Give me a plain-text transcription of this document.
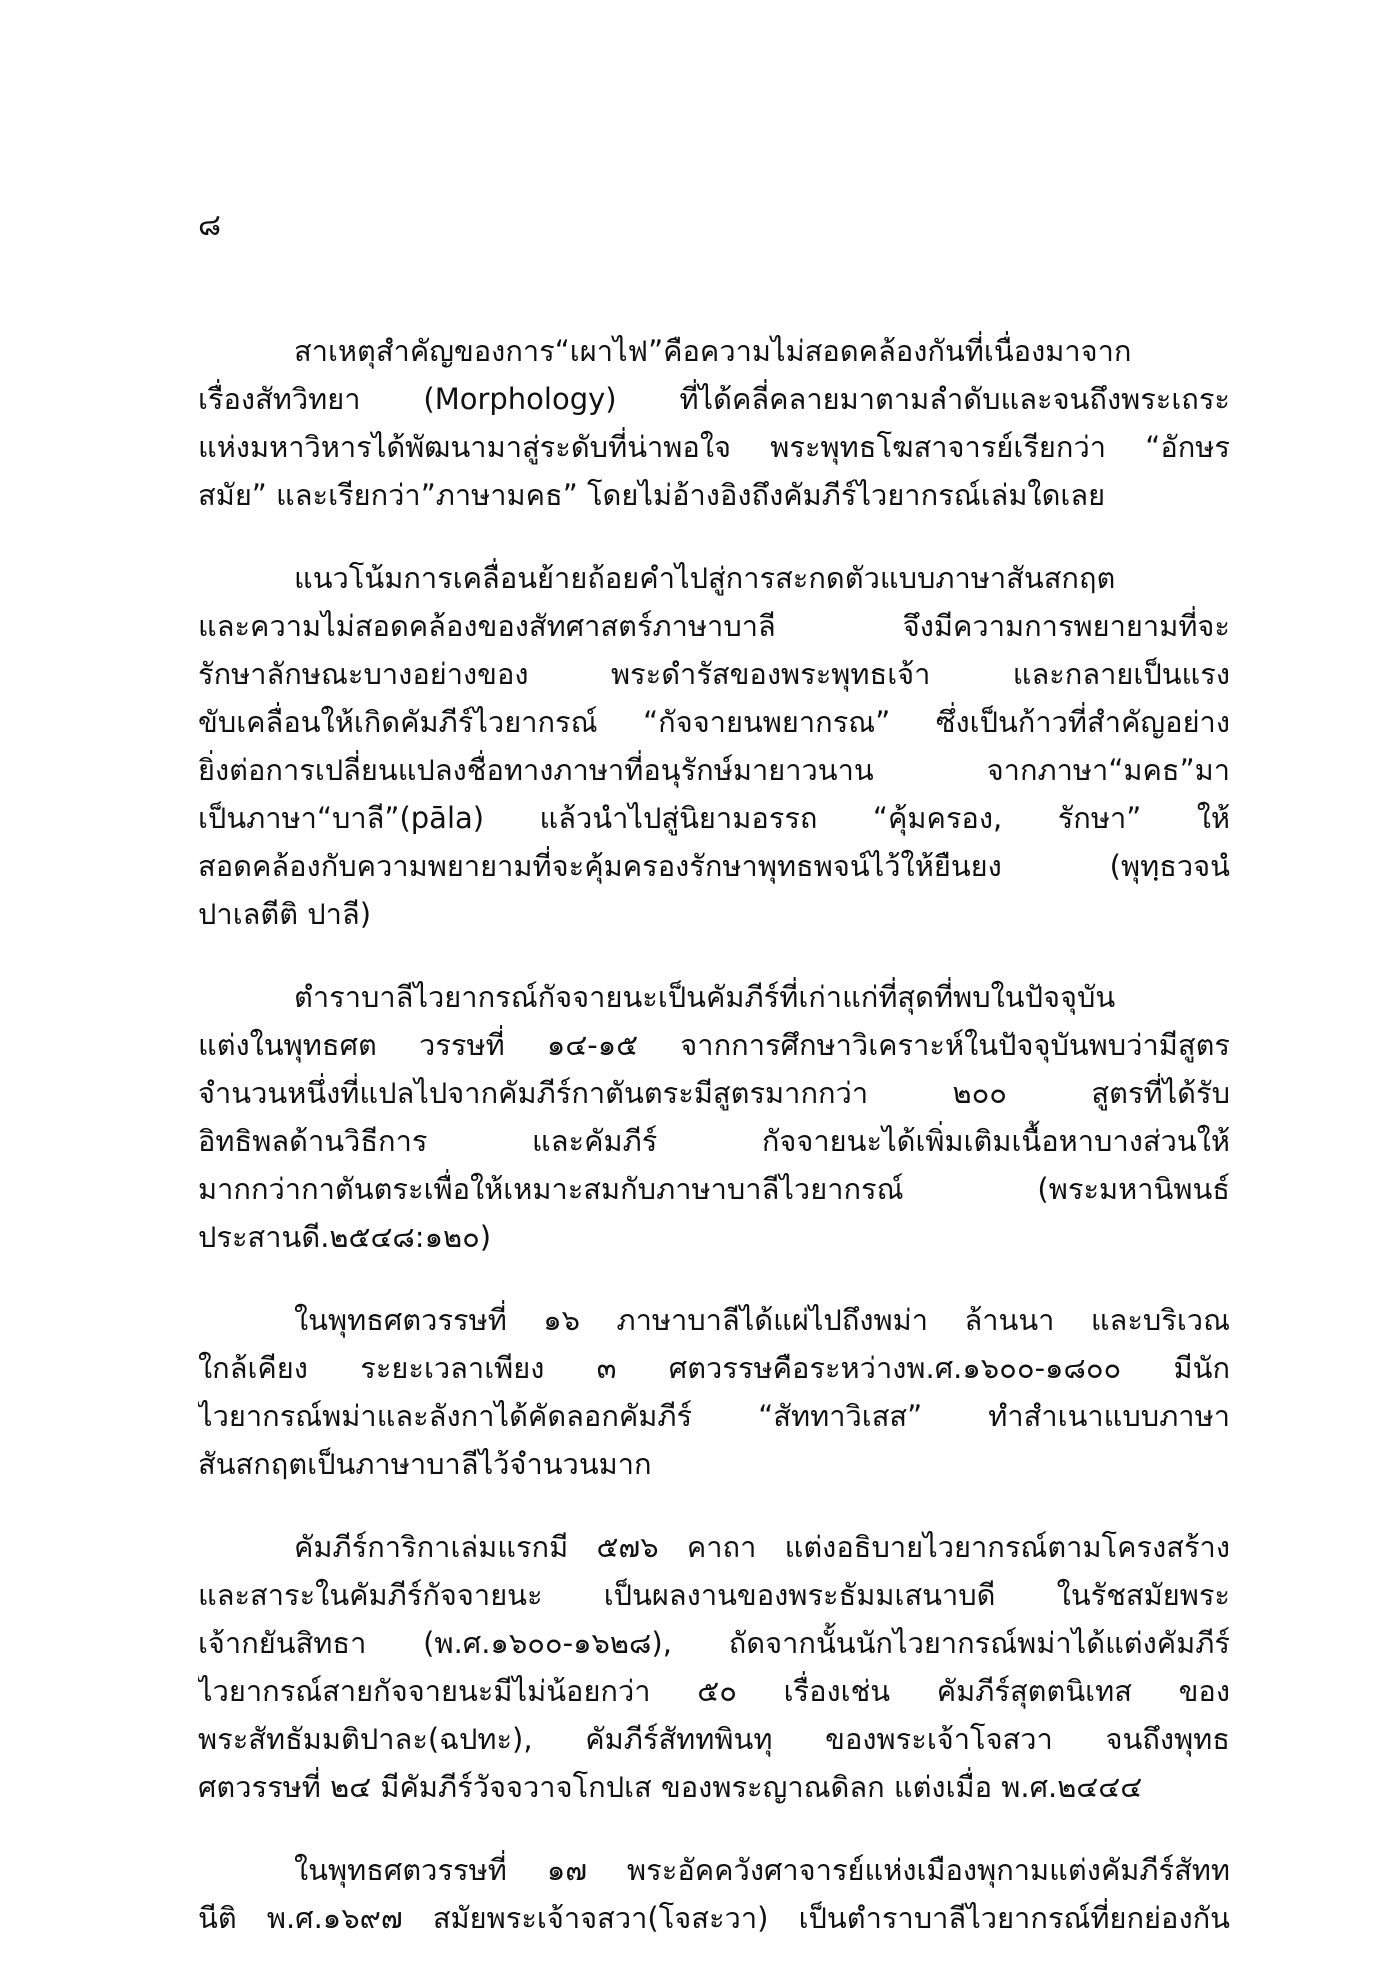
๘
สาเหตุสำคัญของการ“เผาไฟ”คือความไม่สอดคล้องกันที่เนื่องมาจาก
เรื่องสัทวิทยา (Morphology) ที่ได้คลี่คลายมาตามลำดับและจนถึงพระเถระ
แห่งมหาวิหารได้พัฒนามาสู่ระดับที่น่าพอใจ พระพุทธโฆสาจารย์เรียกว่า “อักษร
สมัย” และเรียกว่า”ภาษามคธ” โดยไม่อ้างอิงถึงคัมภีร์ไวยากรณ์เล่มใดเลย
แนวโน้มการเคลื่อนย้ายถ้อยคำไปสู่การสะกดตัวแบบภาษาสันสกฤต
และความไม่สอดคล้องของสัทศาสตร์ภาษาบาลี จึงมีความการพยายามที่จะ
รักษาลักษณะบางอย่างของ พระดำรัสของพระพุทธเจ้า และกลายเป็นแรง
ขับเคลื่อนให้เกิดคัมภีร์ไวยากรณ์ “กัจจายนพยากรณ” ซึ่งเป็นก้าวที่สำคัญอย่าง
ยิ่งต่อการเปลี่ยนแปลงชื่อทางภาษาที่อนุรักษ์มายาวนาน จากภาษา“มคธ”มา
เป็นภาษา“บาลี”(pāla) แล้วนำไปสู่นิยามอรรถ “คุ้มครอง, รักษา” ให้
สอดคล้องกับความพยายามที่จะคุ้มครองรักษาพุทธพจน์ไว้ให้ยืนยง (พุทฺธวจนํ
ปาเลตีติ ปาลี)
ตำราบาลีไวยากรณ์กัจจายนะเป็นคัมภีร์ที่เก่าแก่ที่สุดที่พบในปัจจุบัน
แต่งในพุทธศต วรรษที่ ๑๔-๑๕ จากการศึกษาวิเคราะห์ในปัจจุบันพบว่ามีสูตร
จำนวนหนึ่งที่แปลไปจากคัมภีร์กาตันตระมีสูตรมากกว่า ๒๐๐ สูตรที่ได้รับ
อิทธิพลด้านวิธีการ และคัมภีร์ กัจจายนะได้เพิ่มเติมเนื้อหาบางส่วนให้
มากกว่ากาตันตระเพื่อให้เหมาะสมกับภาษาบาลีไวยากรณ์ (พระมหานิพนธ์
ประสานดี.๒๕๔๘:๑๒๐)
ในพุทธศตวรรษที่ ๑๖ ภาษาบาลีได้แผ่ไปถึงพม่า ล้านนา และบริเวณ
ใกล้เคียง ระยะเวลาเพียง ๓ ศตวรรษคือระหว่างพ.ศ.๑๖๐๐-๑๘๐๐ มีนัก
ไวยากรณ์พม่าและลังกาได้คัดลอกคัมภีร์ “สัททาวิเสส” ทำสำเนาแบบภาษา
สันสกฤตเป็นภาษาบาลีไว้จำนวนมาก
คัมภีร์การิกาเล่มแรกมี ๕๗๖ คาถา แต่งอธิบายไวยากรณ์ตามโครงสร้าง
และสาระในคัมภีร์กัจจายนะ เป็นผลงานของพระธัมมเสนาบดี ในรัชสมัยพระ
เจ้ากยันสิทธา (พ.ศ.๑๖๐๐-๑๖๒๘), ถัดจากนั้นนักไวยากรณ์พม่าได้แต่งคัมภีร์
ไวยากรณ์สายกัจจายนะมีไม่น้อยกว่า ๕๐ เรื่องเช่น คัมภีร์สุตตนิเทส ของ
พระสัทธัมมติปาละ(ฉปทะ), คัมภีร์สัททพินทุ ของพระเจ้าโจสวา จนถึงพุทธ
ศตวรรษที่ ๒๔ มีคัมภีร์วัจจวาจโกปเส ของพระญาณดิลก แต่งเมื่อ พ.ศ.๒๔๔๔
ในพุทธศตวรรษที่ ๑๗ พระอัคควังศาจารย์แห่งเมืองพุกามแต่งคัมภีร์สัทท
นีติ พ.ศ.๑๖๙๗ สมัยพระเจ้าจสวา(โจสะวา) เป็นตำราบาลีไวยากรณ์ที่ยกย่องกัน
